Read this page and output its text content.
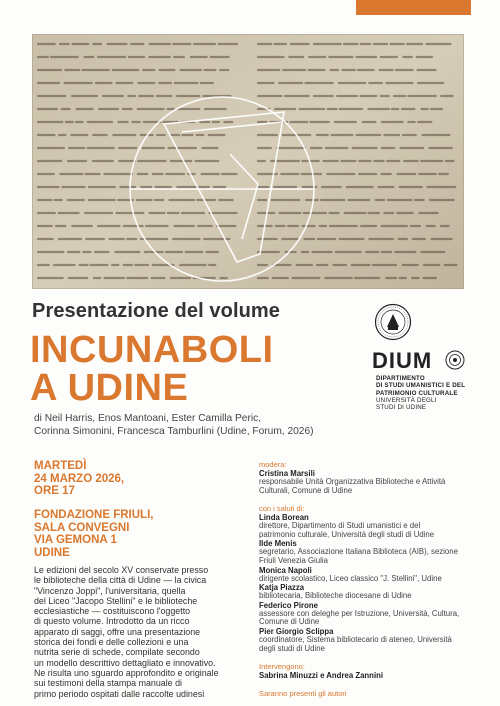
Presentazione del volume
INCUNABOLI
A UDINE
di Neil Harris, Enos Mantoani, Ester Camilla Peric,
Corinna Simonini, Francesca Tamburlini (Udine, Forum, 2026)
DIUM
DIPARTIMENTO
DI STUDI UMANISTICI E DEL
PATRIMONIO CULTURALE
UNIVERSITÀ DEGLI
STUDI DI UDINE
MARTEDÌ
24 MARZO 2026,
ORE 17
FONDAZIONE FRIULI,
SALA CONVEGNI
VIA GEMONA 1
UDINE
Le edizioni del secolo XV conservate presso
le biblioteche della città di Udine — la civica
"Vincenzo Joppi", l'universitaria, quella
del Liceo "Jacopo Stellini" e le biblioteche
ecclesiastiche — costituiscono l'oggetto
di questo volume. Introdotto da un ricco
apparato di saggi, offre una presentazione
storica dei fondi e delle collezioni e una
nutrita serie di schede, compilate secondo
un modello descrittivo dettagliato e innovativo.
Ne risulta uno sguardo approfondito e originale
sui testimoni della stampa manuale di
primo periodo ospitati dalle raccolte udinesi
modera:
Cristina Marsili
responsabile Unità Organizzativa Biblioteche e Attività
Culturali, Comune di Udine
con i saluti di:
Linda Borean
direttore, Dipartimento di Studi umanistici e del
patrimonio culturale, Università degli studi di Udine
Ilde Menis
segretario, Associazione Italiana Biblioteca (AIB), sezione
Friuli Venezia Giulia
Monica Napoli
dirigente scolastico, Liceo classico "J. Stellini", Udine
Katja Piazza
bibliotecaria, Biblioteche diocesane di Udine
Federico Pirone
assessore con deleghe per Istruzione, Università, Cultura,
Comune di Udine
Pier Giorgio Sclippa
coordinatore, Sistema bibliotecario di ateneo, Università
degli studi di Udine
Intervengono:
Sabrina Minuzzi e Andrea Zannini
Saranno presenti gli autori
